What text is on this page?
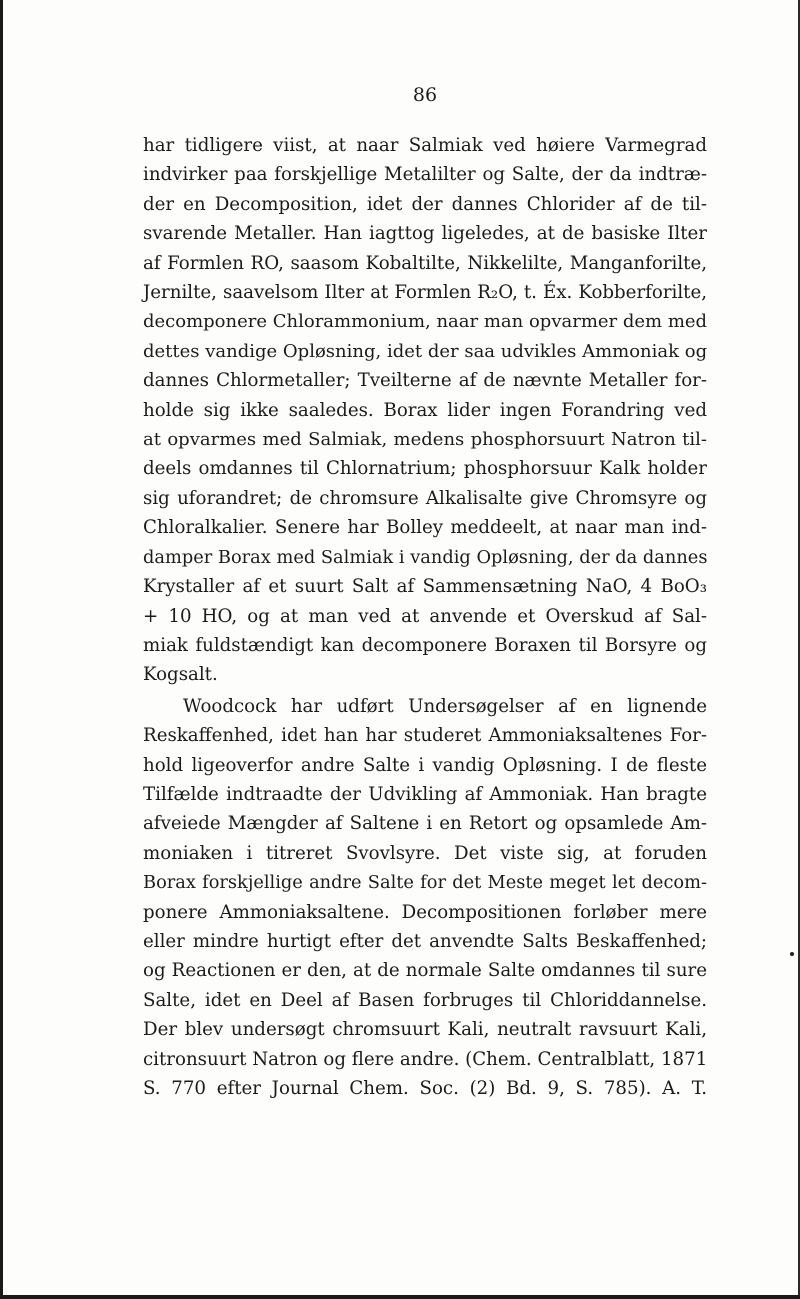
86
har tidligere viist, at naar Salmiak ved høiere Varmegrad
indvirker paa forskjellige Metalilter og Salte, der da indtræ-
der en Decomposition, idet der dannes Chlorider af de til-
svarende Metaller. Han iagttog ligeledes, at de basiske Ilter
af Formlen RO, saasom Kobaltilte, Nikkelilte, Manganforilte,
Jernilte, saavelsom Ilter at Formlen R₂O, t. Éx. Kobberforilte,
decomponere Chlorammonium, naar man opvarmer dem med
dettes vandige Opløsning, idet der saa udvikles Ammoniak og
dannes Chlormetaller; Tveilterne af de nævnte Metaller for-
holde sig ikke saaledes. Borax lider ingen Forandring ved
at opvarmes med Salmiak, medens phosphorsuurt Natron til-
deels omdannes til Chlornatrium; phosphorsuur Kalk holder
sig uforandret; de chromsure Alkalisalte give Chromsyre og
Chloralkalier. Senere har Bolley meddeelt, at naar man ind-
damper Borax med Salmiak i vandig Opløsning, der da dannes
Krystaller af et suurt Salt af Sammensætning NaO, 4 BoO₃
+ 10 HO, og at man ved at anvende et Overskud af Sal-
miak fuldstændigt kan decomponere Boraxen til Borsyre og
Kogsalt.
Woodcock har udført Undersøgelser af en lignende
Reskaffenhed, idet han har studeret Ammoniaksaltenes For-
hold ligeoverfor andre Salte i vandig Opløsning. I de fleste
Tilfælde indtraadte der Udvikling af Ammoniak. Han bragte
afveiede Mængder af Saltene i en Retort og opsamlede Am-
moniaken i titreret Svovlsyre. Det viste sig, at foruden
Borax forskjellige andre Salte for det Meste meget let decom-
ponere Ammoniaksaltene. Decompositionen forløber mere
eller mindre hurtigt efter det anvendte Salts Beskaffenhed;
og Reactionen er den, at de normale Salte omdannes til sure
Salte, idet en Deel af Basen forbruges til Chloriddannelse.
Der blev undersøgt chromsuurt Kali, neutralt ravsuurt Kali,
citronsuurt Natron og flere andre. (Chem. Centralblatt, 1871
S. 770 efter Journal Chem. Soc. (2) Bd. 9, S. 785). A. T.
